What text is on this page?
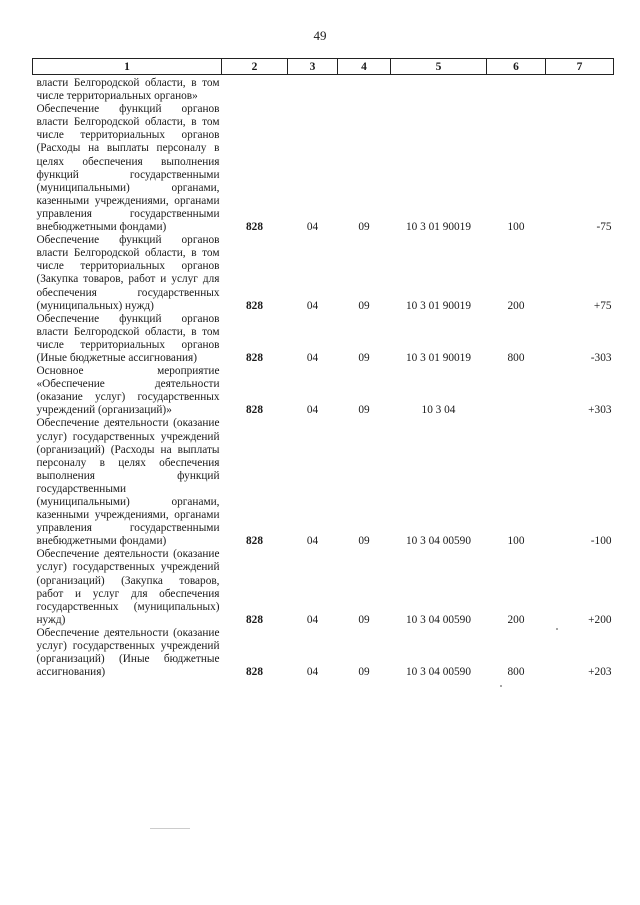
49
1	2	3	4	5	6	7
власти Белгородской области, в том числе территориальных органов»						
Обеспечение функций органов власти Белгородской области, в том числе территориальных органов (Расходы на выплаты персоналу в целях обеспечения выполнения функций государственными (муниципальными) органами, казенными учреждениями, органами управления государственными внебюджетными фондами)	828	04	09	10 3 01 90019	100	-75
Обеспечение функций органов власти Белгородской области, в том числе территориальных органов (Закупка товаров, работ и услуг для обеспечения государственных (муниципальных) нужд)	828	04	09	10 3 01 90019	200	+75
Обеспечение функций органов власти Белгородской области, в том числе территориальных органов (Иные бюджетные ассигнования)	828	04	09	10 3 01 90019	800	-303
Основное мероприятие «Обеспечение деятельности (оказание услуг) государственных учреждений (организаций)»	828	04	09	10 3 04		+303
Обеспечение деятельности (оказание услуг) государственных учреждений (организаций) (Расходы на выплаты персоналу в целях обеспечения выполнения функций государственными (муниципальными) органами, казенными учреждениями, органами управления государственными внебюджетными фондами)	828	04	09	10 3 04 00590	100	-100
Обеспечение деятельности (оказание услуг) государственных учреждений (организаций) (Закупка товаров, работ и услуг для обеспечения государственных (муниципальных) нужд)	828	04	09	10 3 04 00590	200	+200
Обеспечение деятельности (оказание услуг) государственных учреждений (организаций) (Иные бюджетные ассигнования)	828	04	09	10 3 04 00590	800	+203
